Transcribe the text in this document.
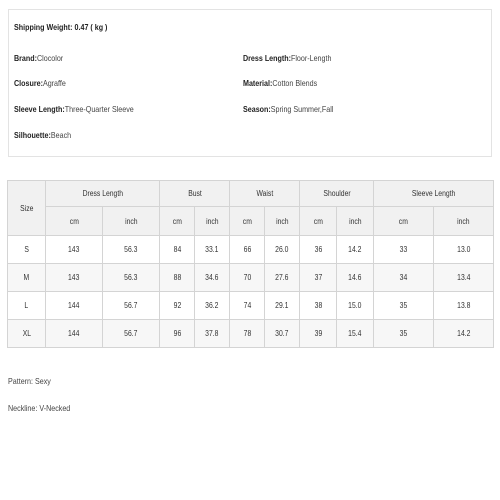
Shipping Weight: 0.47 ( kg )
Brand:Clocolor	Dress Length:Floor-Length
Closure:Agraffe	Material:Cotton Blends
Sleeve Length:Three-Quarter Sleeve	Season:Spring Summer,Fall
Silhouette:Beach
Size	Dress Length		Bust		Waist		Shoulder		Sleeve Length	
	cm	inch	cm	inch	cm	inch	cm	inch	cm	inch
S	143	56.3	84	33.1	66	26.0	36	14.2	33	13.0
M	143	56.3	88	34.6	70	27.6	37	14.6	34	13.4
L	144	56.7	92	36.2	74	29.1	38	15.0	35	13.8
XL	144	56.7	96	37.8	78	30.7	39	15.4	35	14.2
Pattern: Sexy
Neckline: V-Necked
